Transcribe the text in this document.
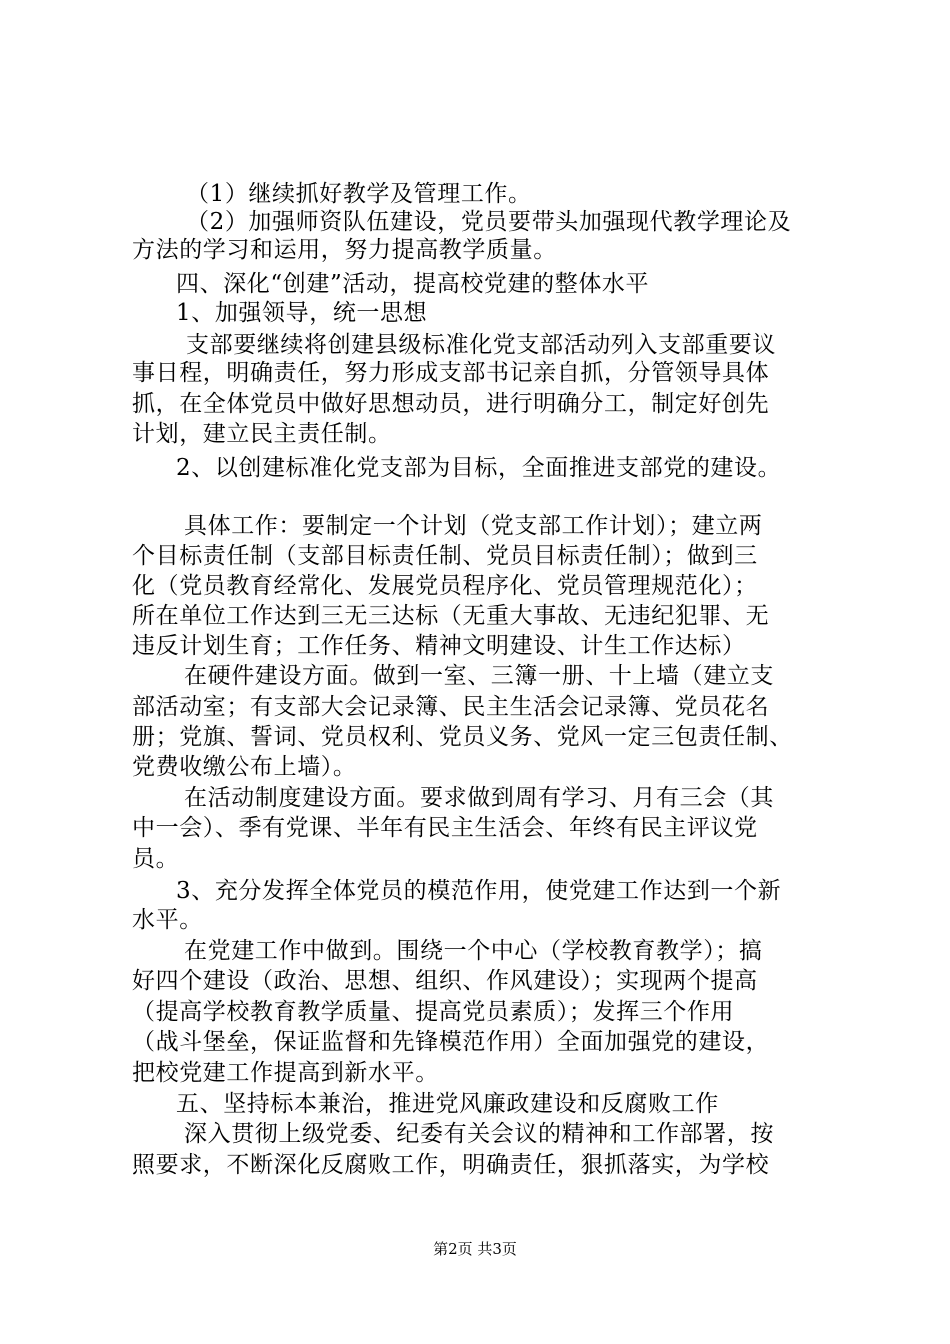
（1）继续抓好教学及管理工作。
（2）加强师资队伍建设，党员要带头加强现代教学理论及
方法的学习和运用，努力提高教学质量。
四、深化“创建”活动，提高校党建的整体水平
1、加强领导，统一思想
支部要继续将创建县级标准化党支部活动列入支部重要议
事日程，明确责任，努力形成支部书记亲自抓，分管领导具体
抓，在全体党员中做好思想动员，进行明确分工，制定好创先
计划，建立民主责任制。
2、以创建标准化党支部为目标，全面推进支部党的建设。
具体工作：要制定一个计划（党支部工作计划）；建立两
个目标责任制（支部目标责任制、党员目标责任制）；做到三
化（党员教育经常化、发展党员程序化、党员管理规范化）；
所在单位工作达到三无三达标（无重大事故、无违纪犯罪、无
违反计划生育；工作任务、精神文明建设、计生工作达标）
在硬件建设方面。做到一室、三簿一册、十上墙（建立支
部活动室；有支部大会记录簿、民主生活会记录簿、党员花名
册；党旗、誓词、党员权利、党员义务、党风一定三包责任制、
党费收缴公布上墙）。
在活动制度建设方面。要求做到周有学习、月有三会（其
中一会）、季有党课、半年有民主生活会、年终有民主评议党
员。
3、充分发挥全体党员的模范作用，使党建工作达到一个新
水平。
在党建工作中做到。围绕一个中心（学校教育教学）；搞
好四个建设（政治、思想、组织、作风建设）；实现两个提高
（提高学校教育教学质量、提高党员素质）；发挥三个作用
（战斗堡垒，保证监督和先锋模范作用）全面加强党的建设，
把校党建工作提高到新水平。
五、坚持标本兼治，推进党风廉政建设和反腐败工作
深入贯彻上级党委、纪委有关会议的精神和工作部署，按
照要求，不断深化反腐败工作，明确责任，狠抓落实，为学校
第2页 共3页
